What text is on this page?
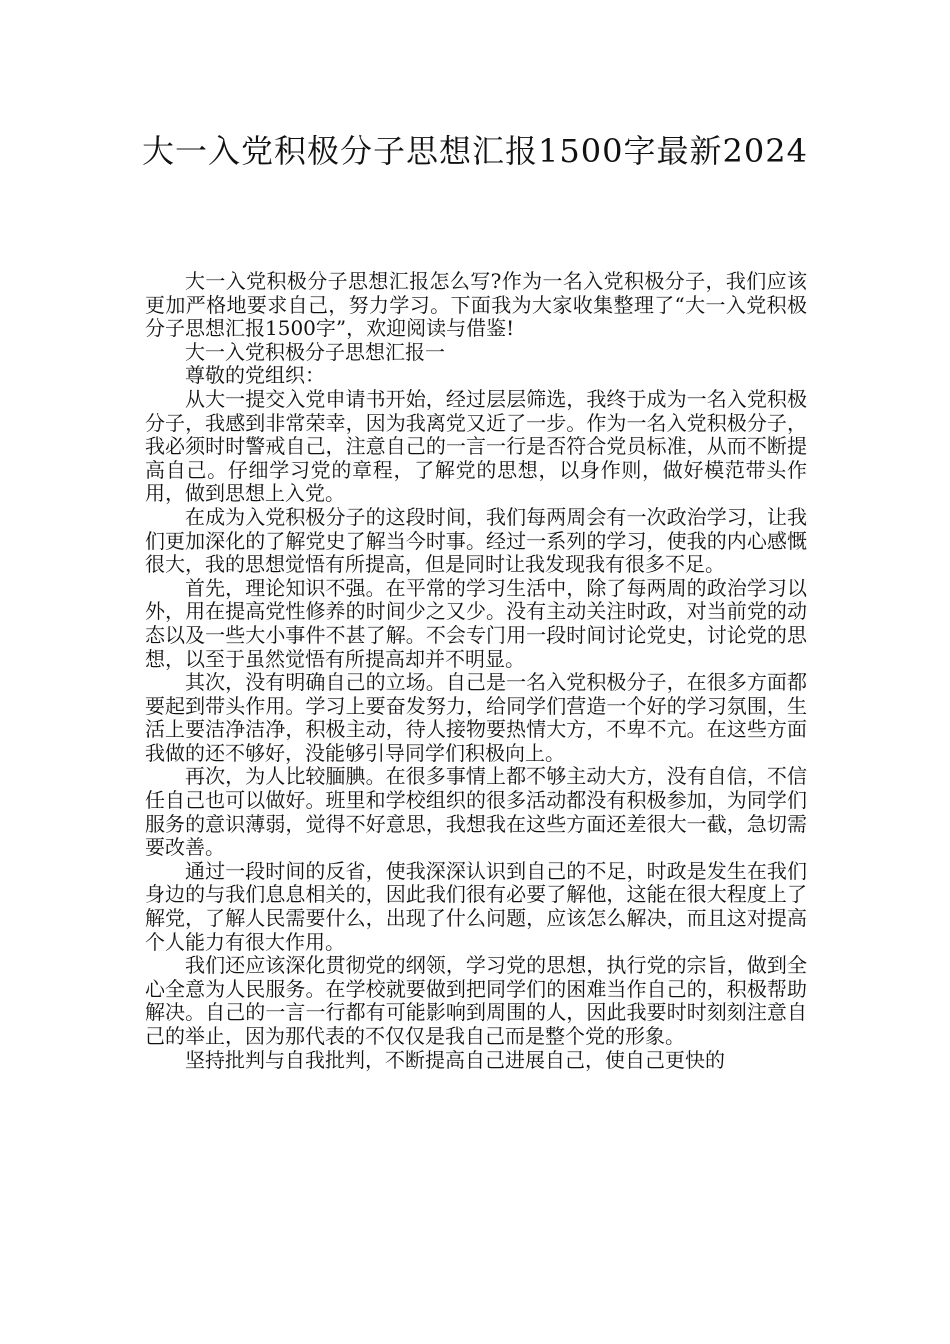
大一入党积极分子思想汇报1500字最新2024

大一入党积极分子思想汇报怎么写?作为一名入党积极分子，我们应该更加严格地要求自己，努力学习。下面我为大家收集整理了“大一入党积极分子思想汇报1500字”，欢迎阅读与借鉴!

大一入党积极分子思想汇报一

尊敬的党组织：

从大一提交入党申请书开始，经过层层筛选，我终于成为一名入党积极分子，我感到非常荣幸，因为我离党又近了一步。作为一名入党积极分子，我必须时时警戒自己，注意自己的一言一行是否符合党员标准，从而不断提高自己。仔细学习党的章程，了解党的思想，以身作则，做好模范带头作用，做到思想上入党。

在成为入党积极分子的这段时间，我们每两周会有一次政治学习，让我们更加深化的了解党史了解当今时事。经过一系列的学习，使我的内心感慨很大，我的思想觉悟有所提高，但是同时让我发现我有很多不足。

首先，理论知识不强。在平常的学习生活中，除了每两周的政治学习以外，用在提高党性修养的时间少之又少。没有主动关注时政，对当前党的动态以及一些大小事件不甚了解。不会专门用一段时间讨论党史，讨论党的思想，以至于虽然觉悟有所提高却并不明显。

其次，没有明确自己的立场。自己是一名入党积极分子，在很多方面都要起到带头作用。学习上要奋发努力，给同学们营造一个好的学习氛围，生活上要洁净洁净，积极主动，待人接物要热情大方，不卑不亢。在这些方面我做的还不够好，没能够引导同学们积极向上。

再次，为人比较腼腆。在很多事情上都不够主动大方，没有自信，不信任自己也可以做好。班里和学校组织的很多活动都没有积极参加，为同学们服务的意识薄弱，觉得不好意思，我想我在这些方面还差很大一截，急切需要改善。

通过一段时间的反省，使我深深认识到自己的不足，时政是发生在我们身边的与我们息息相关的，因此我们很有必要了解他，这能在很大程度上了解党，了解人民需要什么，出现了什么问题，应该怎么解决，而且这对提高个人能力有很大作用。

我们还应该深化贯彻党的纲领，学习党的思想，执行党的宗旨，做到全心全意为人民服务。在学校就要做到把同学们的困难当作自己的，积极帮助解决。自己的一言一行都有可能影响到周围的人，因此我要时时刻刻注意自己的举止，因为那代表的不仅仅是我自己而是整个党的形象。

坚持批判与自我批判，不断提高自己进展自己，使自己更快的
